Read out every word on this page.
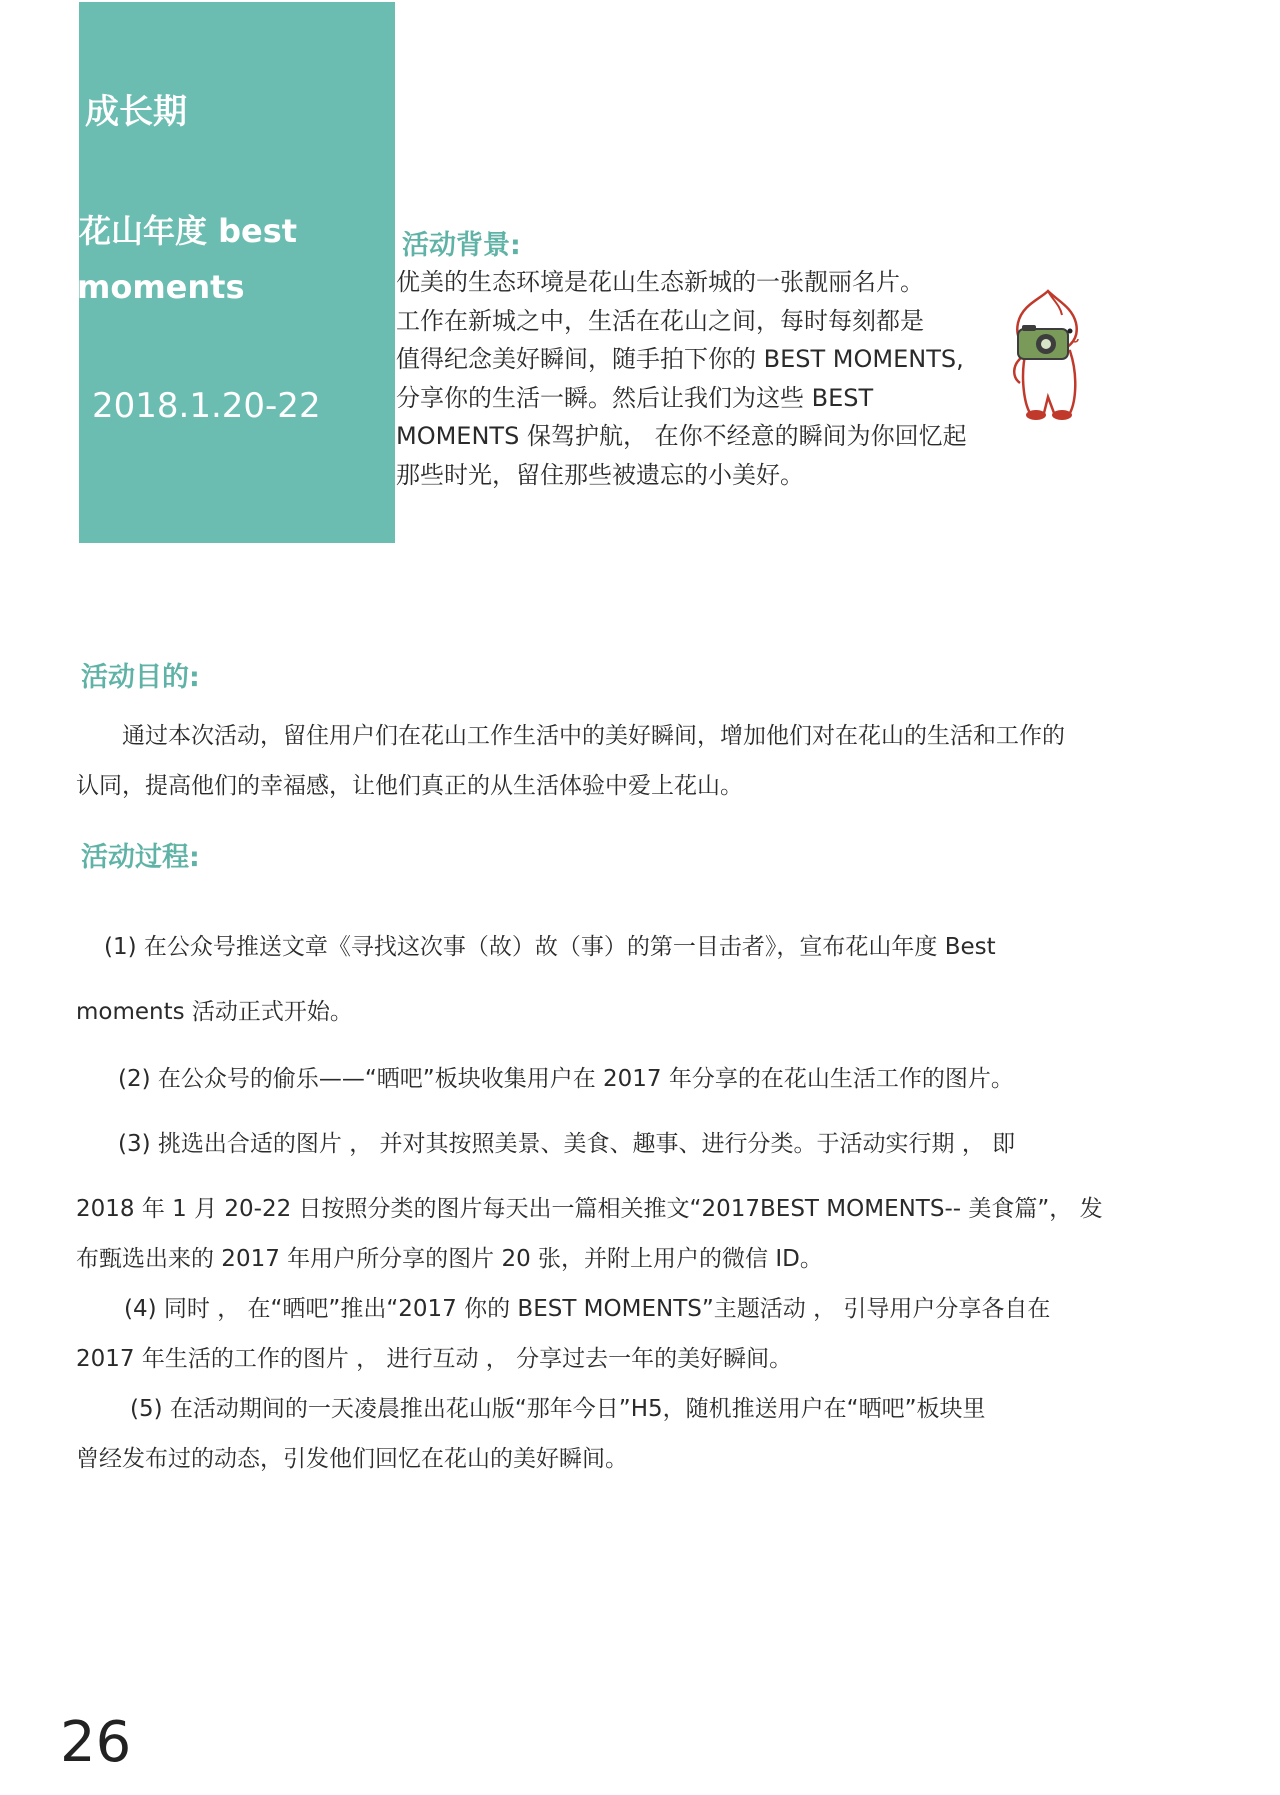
成长期
花山年度 best
moments
2018.1.20-22
活动背景:

优美的生态环境是花山生态新城的一张靓丽名片。

工作在新城之中，生活在花山之间，每时每刻都是

值得纪念美好瞬间，随手拍下你的 BEST MOMENTS,

分享你的生活一瞬。然后让我们为这些 BEST

MOMENTS 保驾护航， 在你不经意的瞬间为你回忆起

那些时光，留住那些被遗忘的小美好。

活动目的:

通过本次活动，留住用户们在花山工作生活中的美好瞬间，增加他们对在花山的生活和工作的

认同，提高他们的幸福感，让他们真正的从生活体验中爱上花山。

活动过程:
(1) 在公众号推送文章《寻找这次事（故）故（事）的第一目击者》，宣布花山年度 Best
moments 活动正式开始。
(2) 在公众号的偷乐——“晒吧”板块收集用户在 2017 年分享的在花山生活工作的图片。
(3) 挑选出合适的图片 ， 并对其按照美景、美食、趣事、进行分类。于活动实行期 ， 即
2018 年 1 月 20-22 日按照分类的图片每天出一篇相关推文“2017BEST MOMENTS-- 美食篇”， 发
布甄选出来的 2017 年用户所分享的图片 20 张，并附上用户的微信 ID。
(4) 同时 ， 在“晒吧”推出“2017 你的 BEST MOMENTS”主题活动 ， 引导用户分享各自在
2017 年生活的工作的图片 ， 进行互动 ， 分享过去一年的美好瞬间。
(5) 在活动期间的一天凌晨推出花山版“那年今日”H5，随机推送用户在“晒吧”板块里
曾经发布过的动态，引发他们回忆在花山的美好瞬间。
26
